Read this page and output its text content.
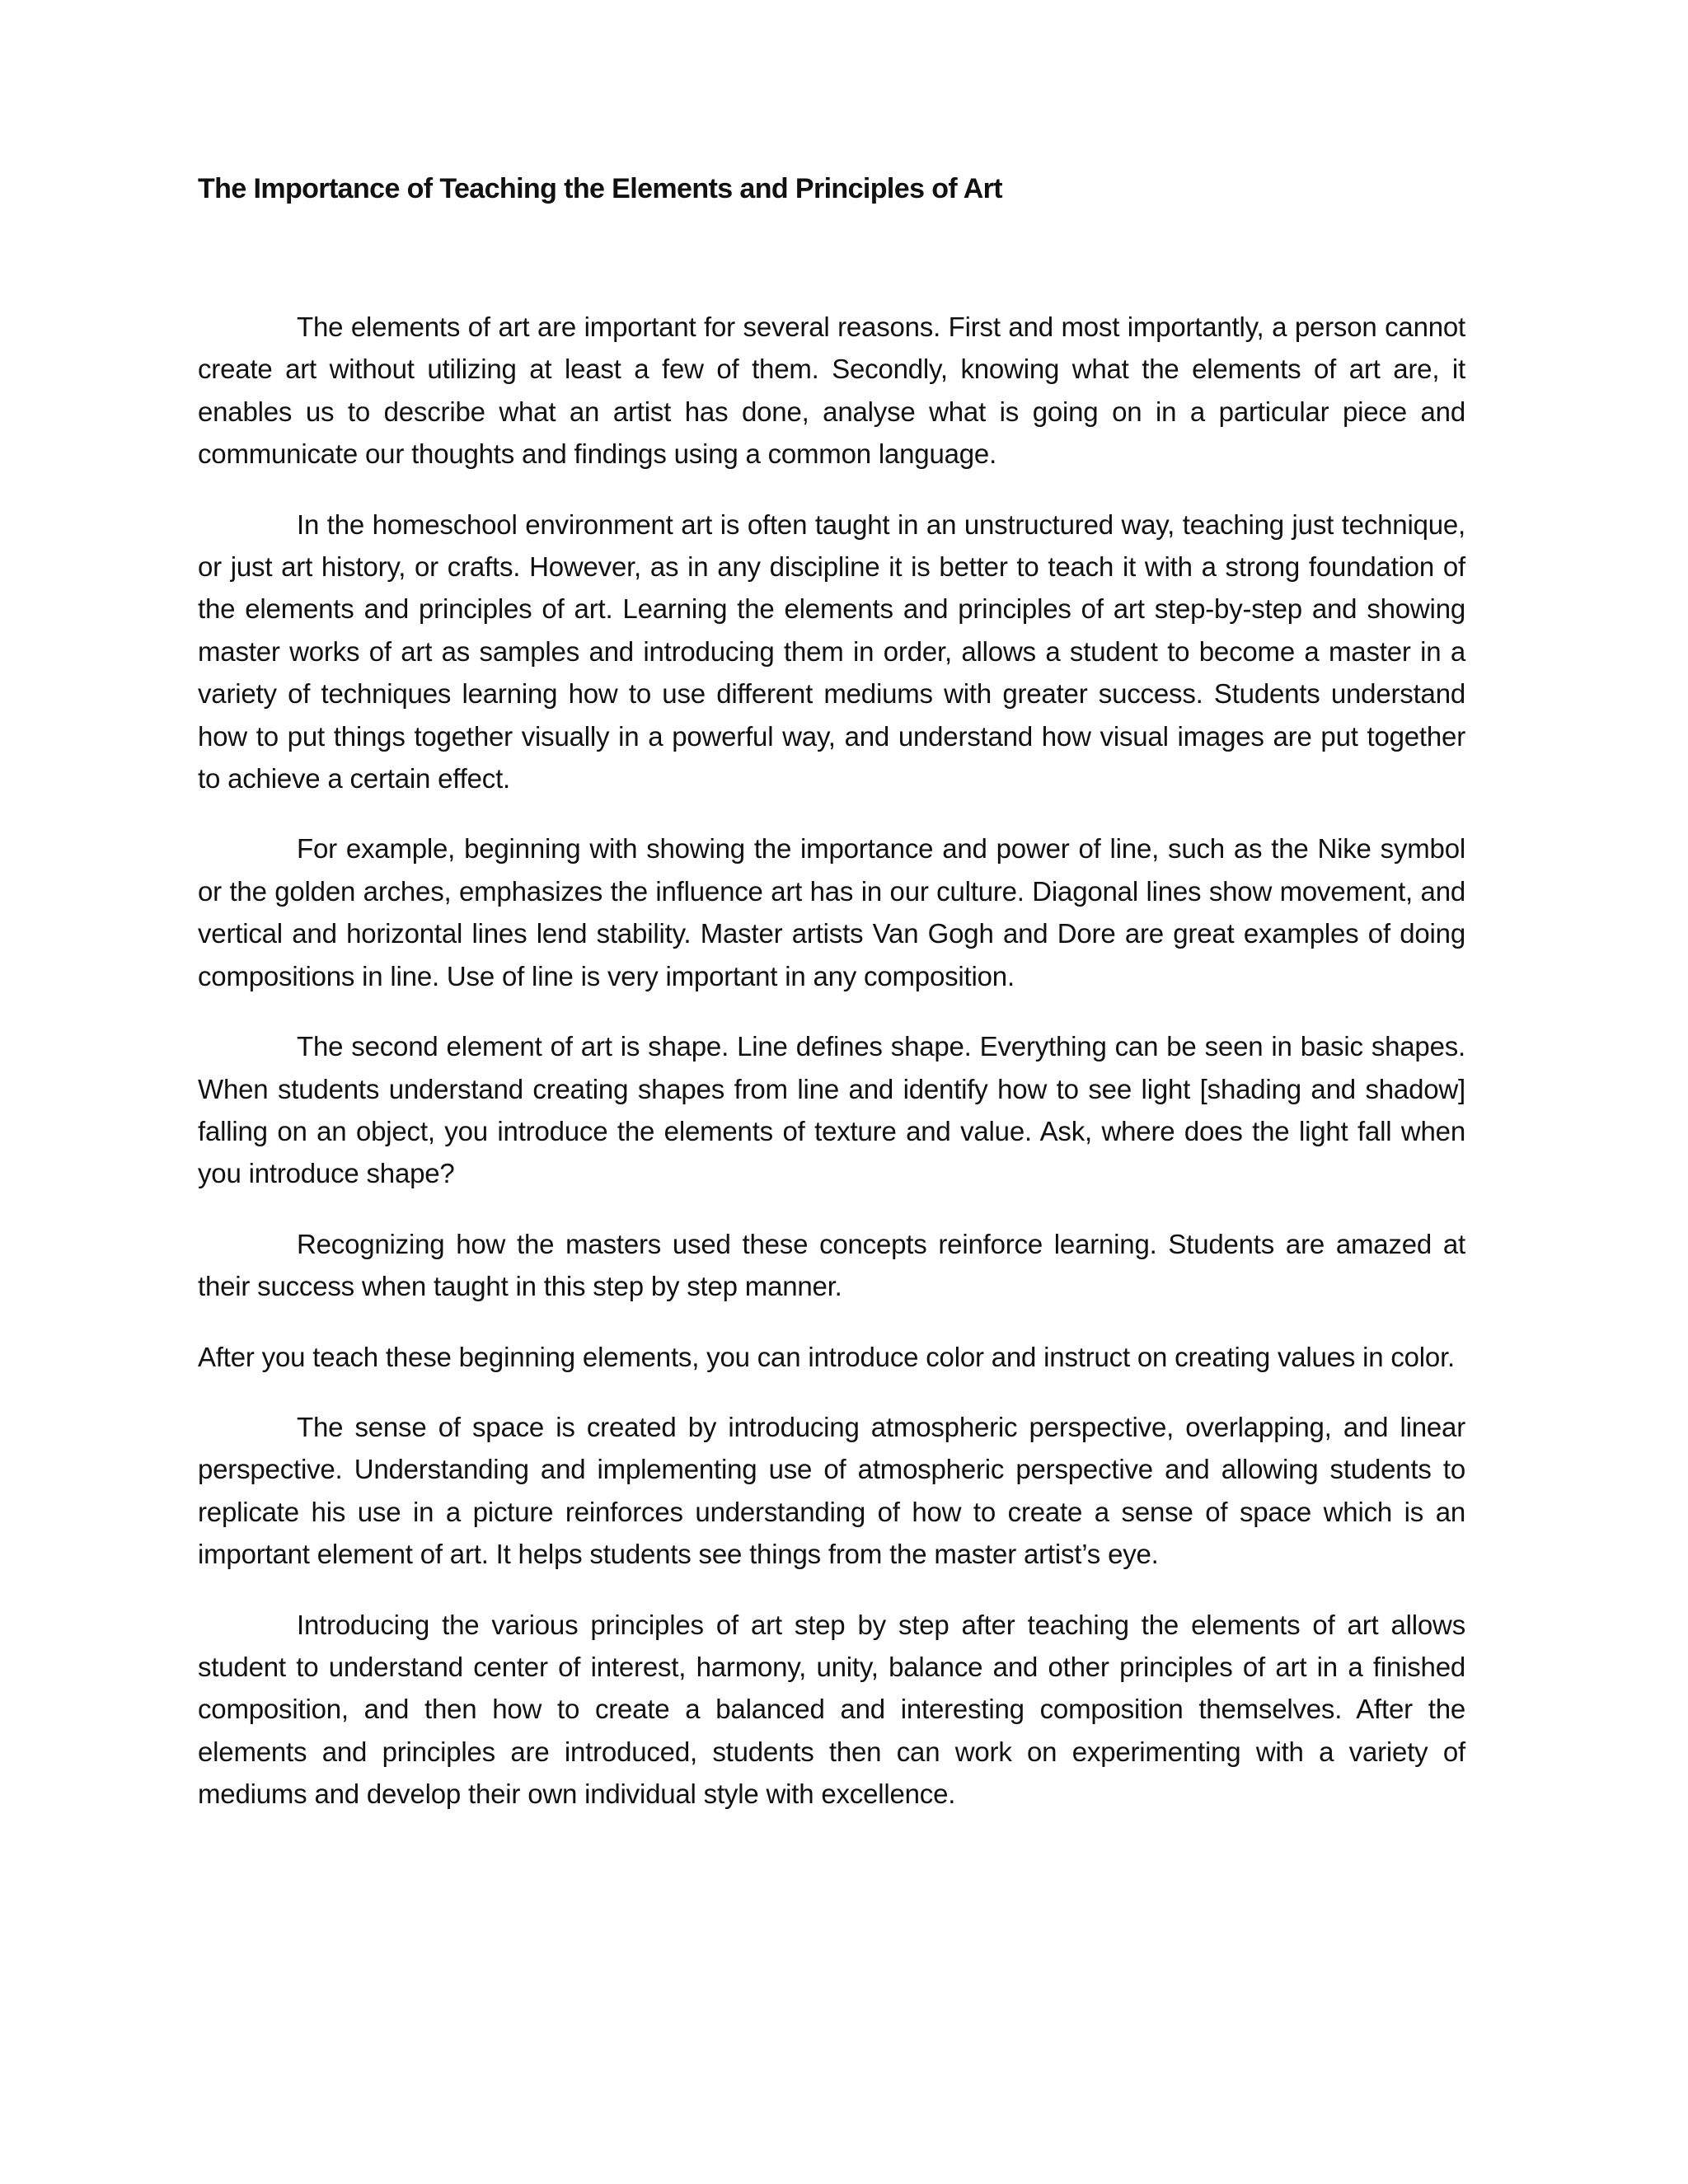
The Importance of Teaching the Elements and Principles of Art

The elements of art are important for several reasons. First and most importantly, a person cannot create art without utilizing at least a few of them. Secondly, knowing what the elements of art are, it enables us to describe what an artist has done, analyse what is going on in a particular piece and communicate our thoughts and findings using a common language.

In the homeschool environment art is often taught in an unstructured way, teaching just technique, or just art history, or crafts. However, as in any discipline it is better to teach it with a strong foundation of the elements and principles of art. Learning the elements and principles of art step-by-step and showing master works of art as samples and introducing them in order, allows a student to become a master in a variety of techniques learning how to use different mediums with greater success. Students understand how to put things together visually in a powerful way, and understand how visual images are put together to achieve a certain effect.

For example, beginning with showing the importance and power of line, such as the Nike symbol or the golden arches, emphasizes the influence art has in our culture. Diagonal lines show movement, and vertical and horizontal lines lend stability. Master artists Van Gogh and Dore are great examples of doing compositions in line. Use of line is very important in any composition.

The second element of art is shape. Line defines shape. Everything can be seen in basic shapes. When students understand creating shapes from line and identify how to see light [shading and shadow] falling on an object, you introduce the elements of texture and value. Ask, where does the light fall when you introduce shape?

Recognizing how the masters used these concepts reinforce learning. Students are amazed at their success when taught in this step by step manner.

After you teach these beginning elements, you can introduce color and instruct on creating values in color.

The sense of space is created by introducing atmospheric perspective, overlapping, and linear perspective. Understanding and implementing use of atmospheric perspective and allowing students to replicate his use in a picture reinforces understanding of how to create a sense of space which is an important element of art. It helps students see things from the master artist’s eye.

Introducing the various principles of art step by step after teaching the elements of art allows student to understand center of interest, harmony, unity, balance and other principles of art in a finished composition, and then how to create a balanced and interesting composition themselves. After the elements and principles are introduced, students then can work on experimenting with a variety of mediums and develop their own individual style with excellence.
